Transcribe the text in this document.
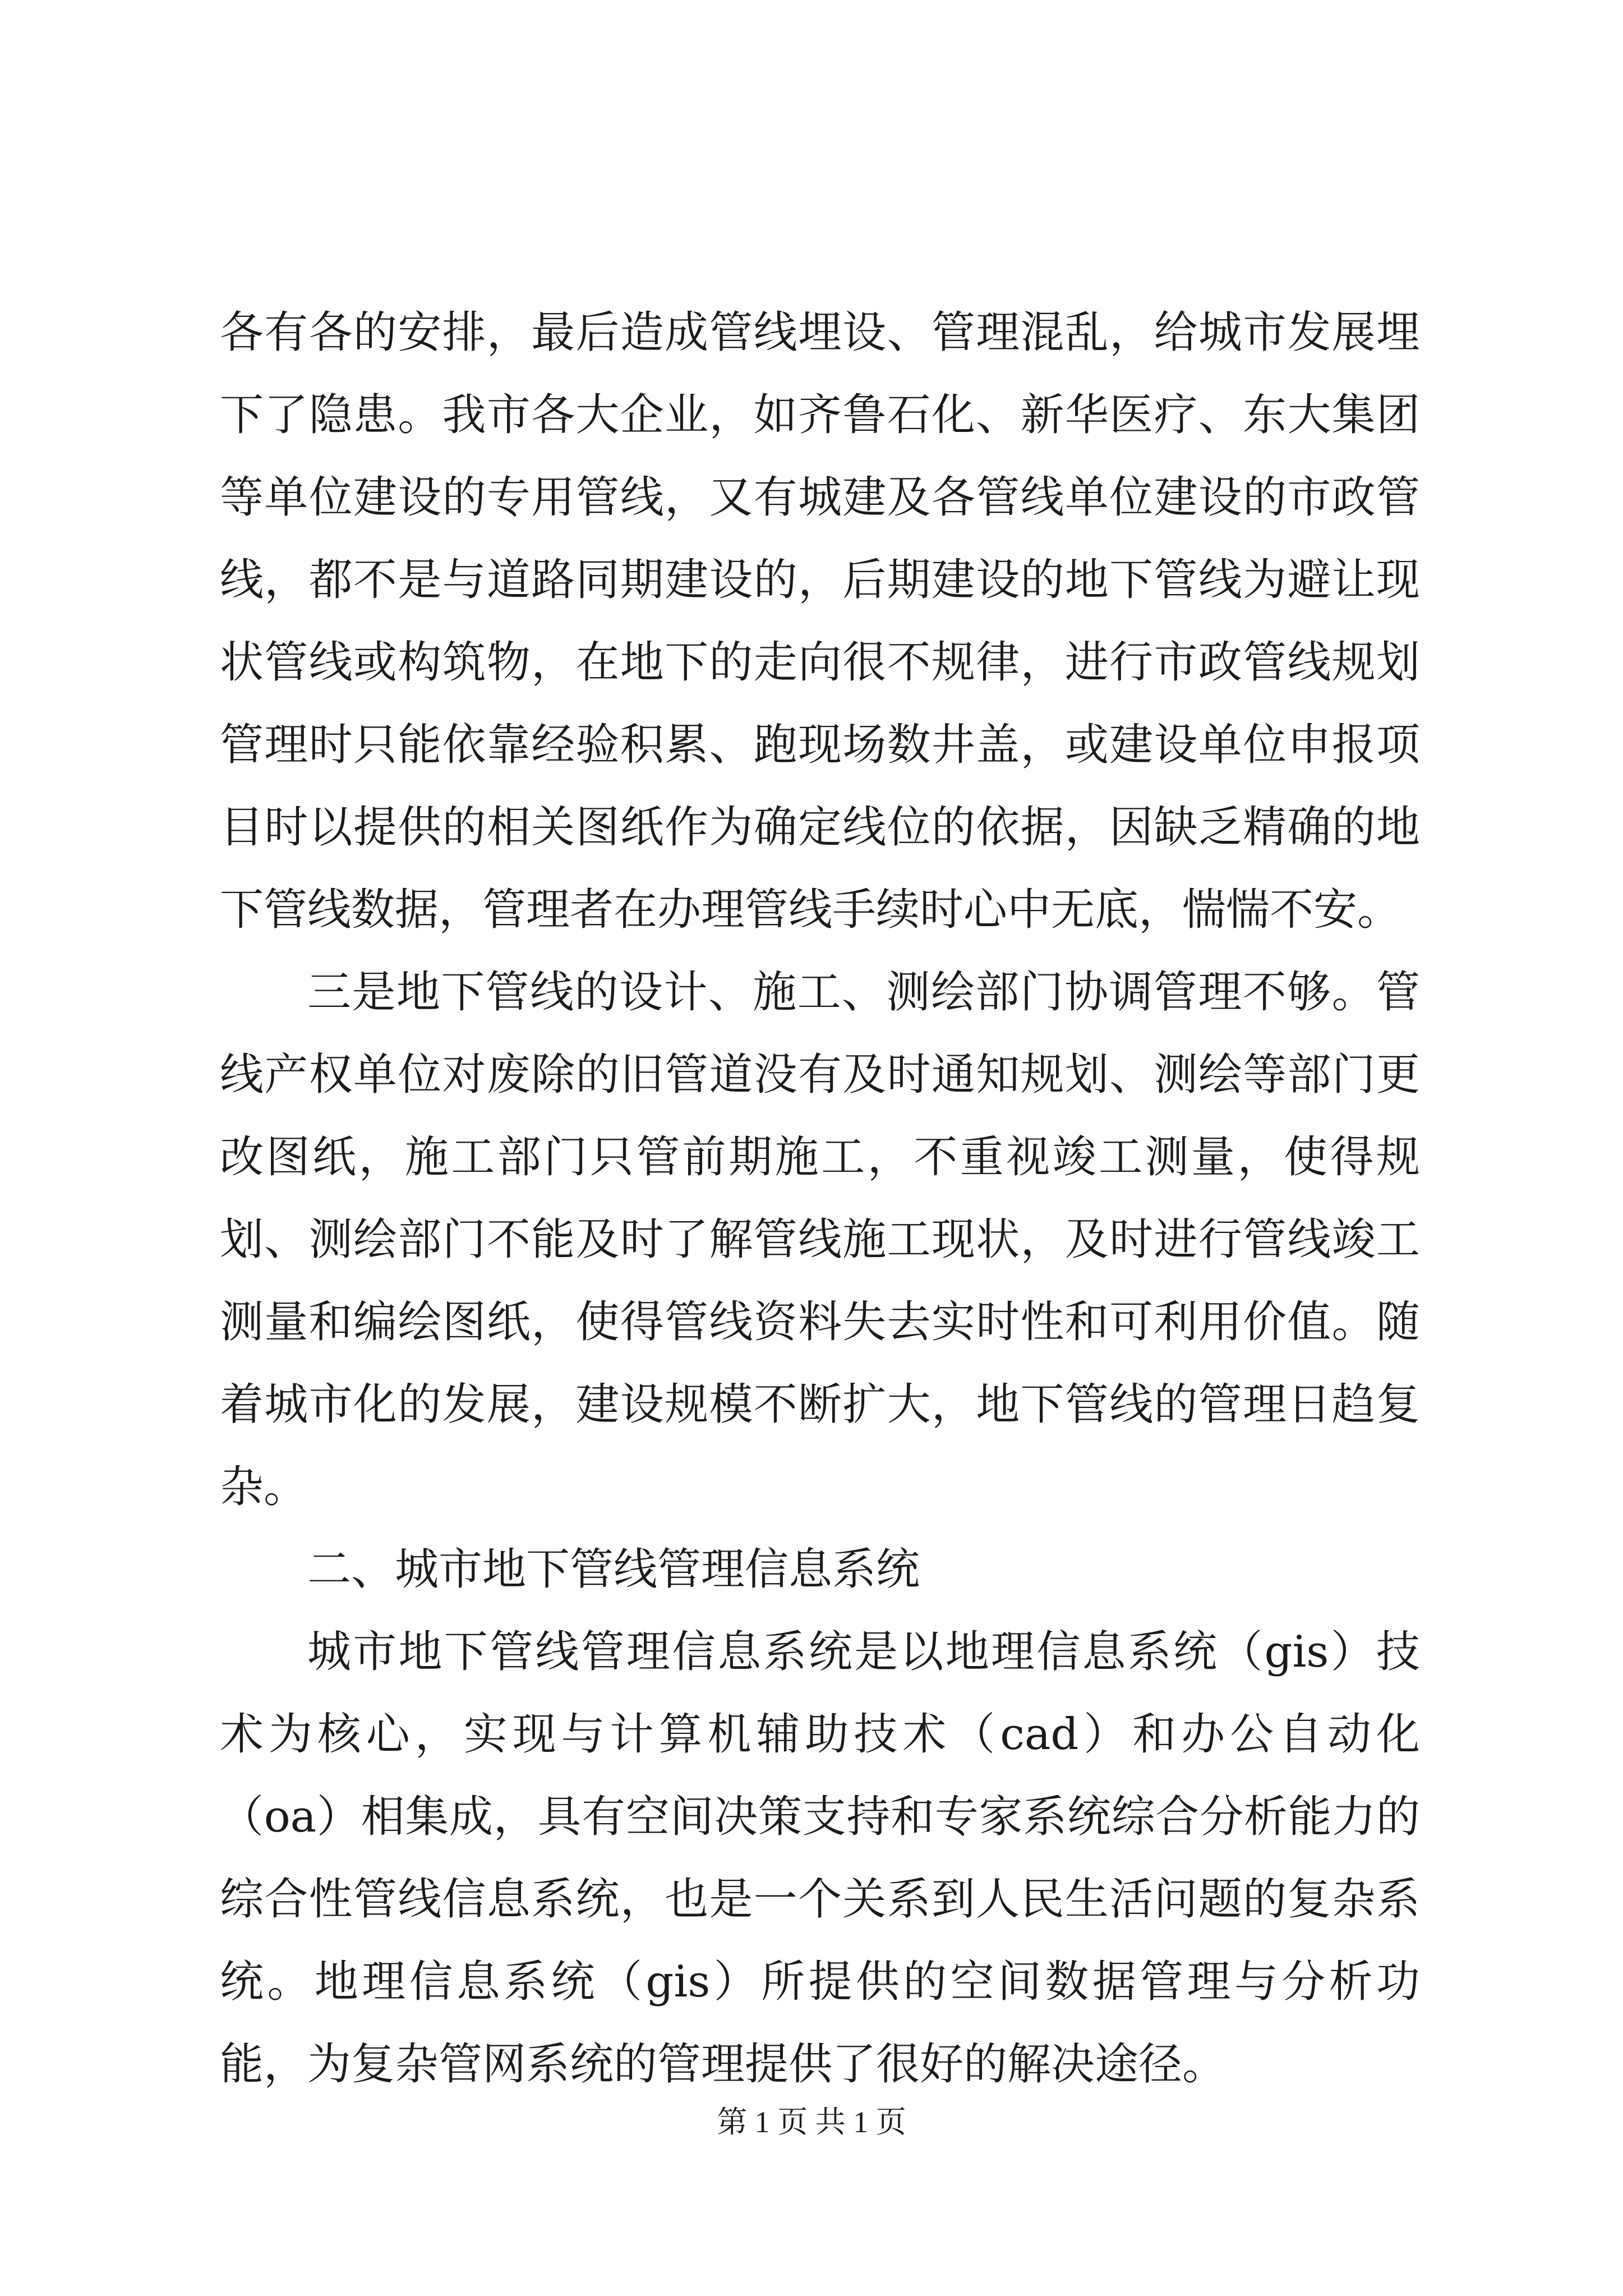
各有各的安排，最后造成管线埋设、管理混乱，给城市发展埋下了隐患。我市各大企业，如齐鲁石化、新华医疗、东大集团等单位建设的专用管线，又有城建及各管线单位建设的市政管线，都不是与道路同期建设的，后期建设的地下管线为避让现状管线或构筑物，在地下的走向很不规律，进行市政管线规划管理时只能依靠经验积累、跑现场数井盖，或建设单位申报项目时以提供的相关图纸作为确定线位的依据，因缺乏精确的地下管线数据，管理者在办理管线手续时心中无底，惴惴不安。

三是地下管线的设计、施工、测绘部门协调管理不够。管线产权单位对废除的旧管道没有及时通知规划、测绘等部门更改图纸，施工部门只管前期施工，不重视竣工测量，使得规划、测绘部门不能及时了解管线施工现状，及时进行管线竣工测量和编绘图纸，使得管线资料失去实时性和可利用价值。随着城市化的发展，建设规模不断扩大，地下管线的管理日趋复杂。

二、城市地下管线管理信息系统

城市地下管线管理信息系统是以地理信息系统（gis）技术为核心，实现与计算机辅助技术（cad）和办公自动化（oa）相集成，具有空间决策支持和专家系统综合分析能力的综合性管线信息系统，也是一个关系到人民生活问题的复杂系统。地理信息系统（gis）所提供的空间数据管理与分析功能，为复杂管网系统的管理提供了很好的解决途径。

第 1 页 共 1 页
